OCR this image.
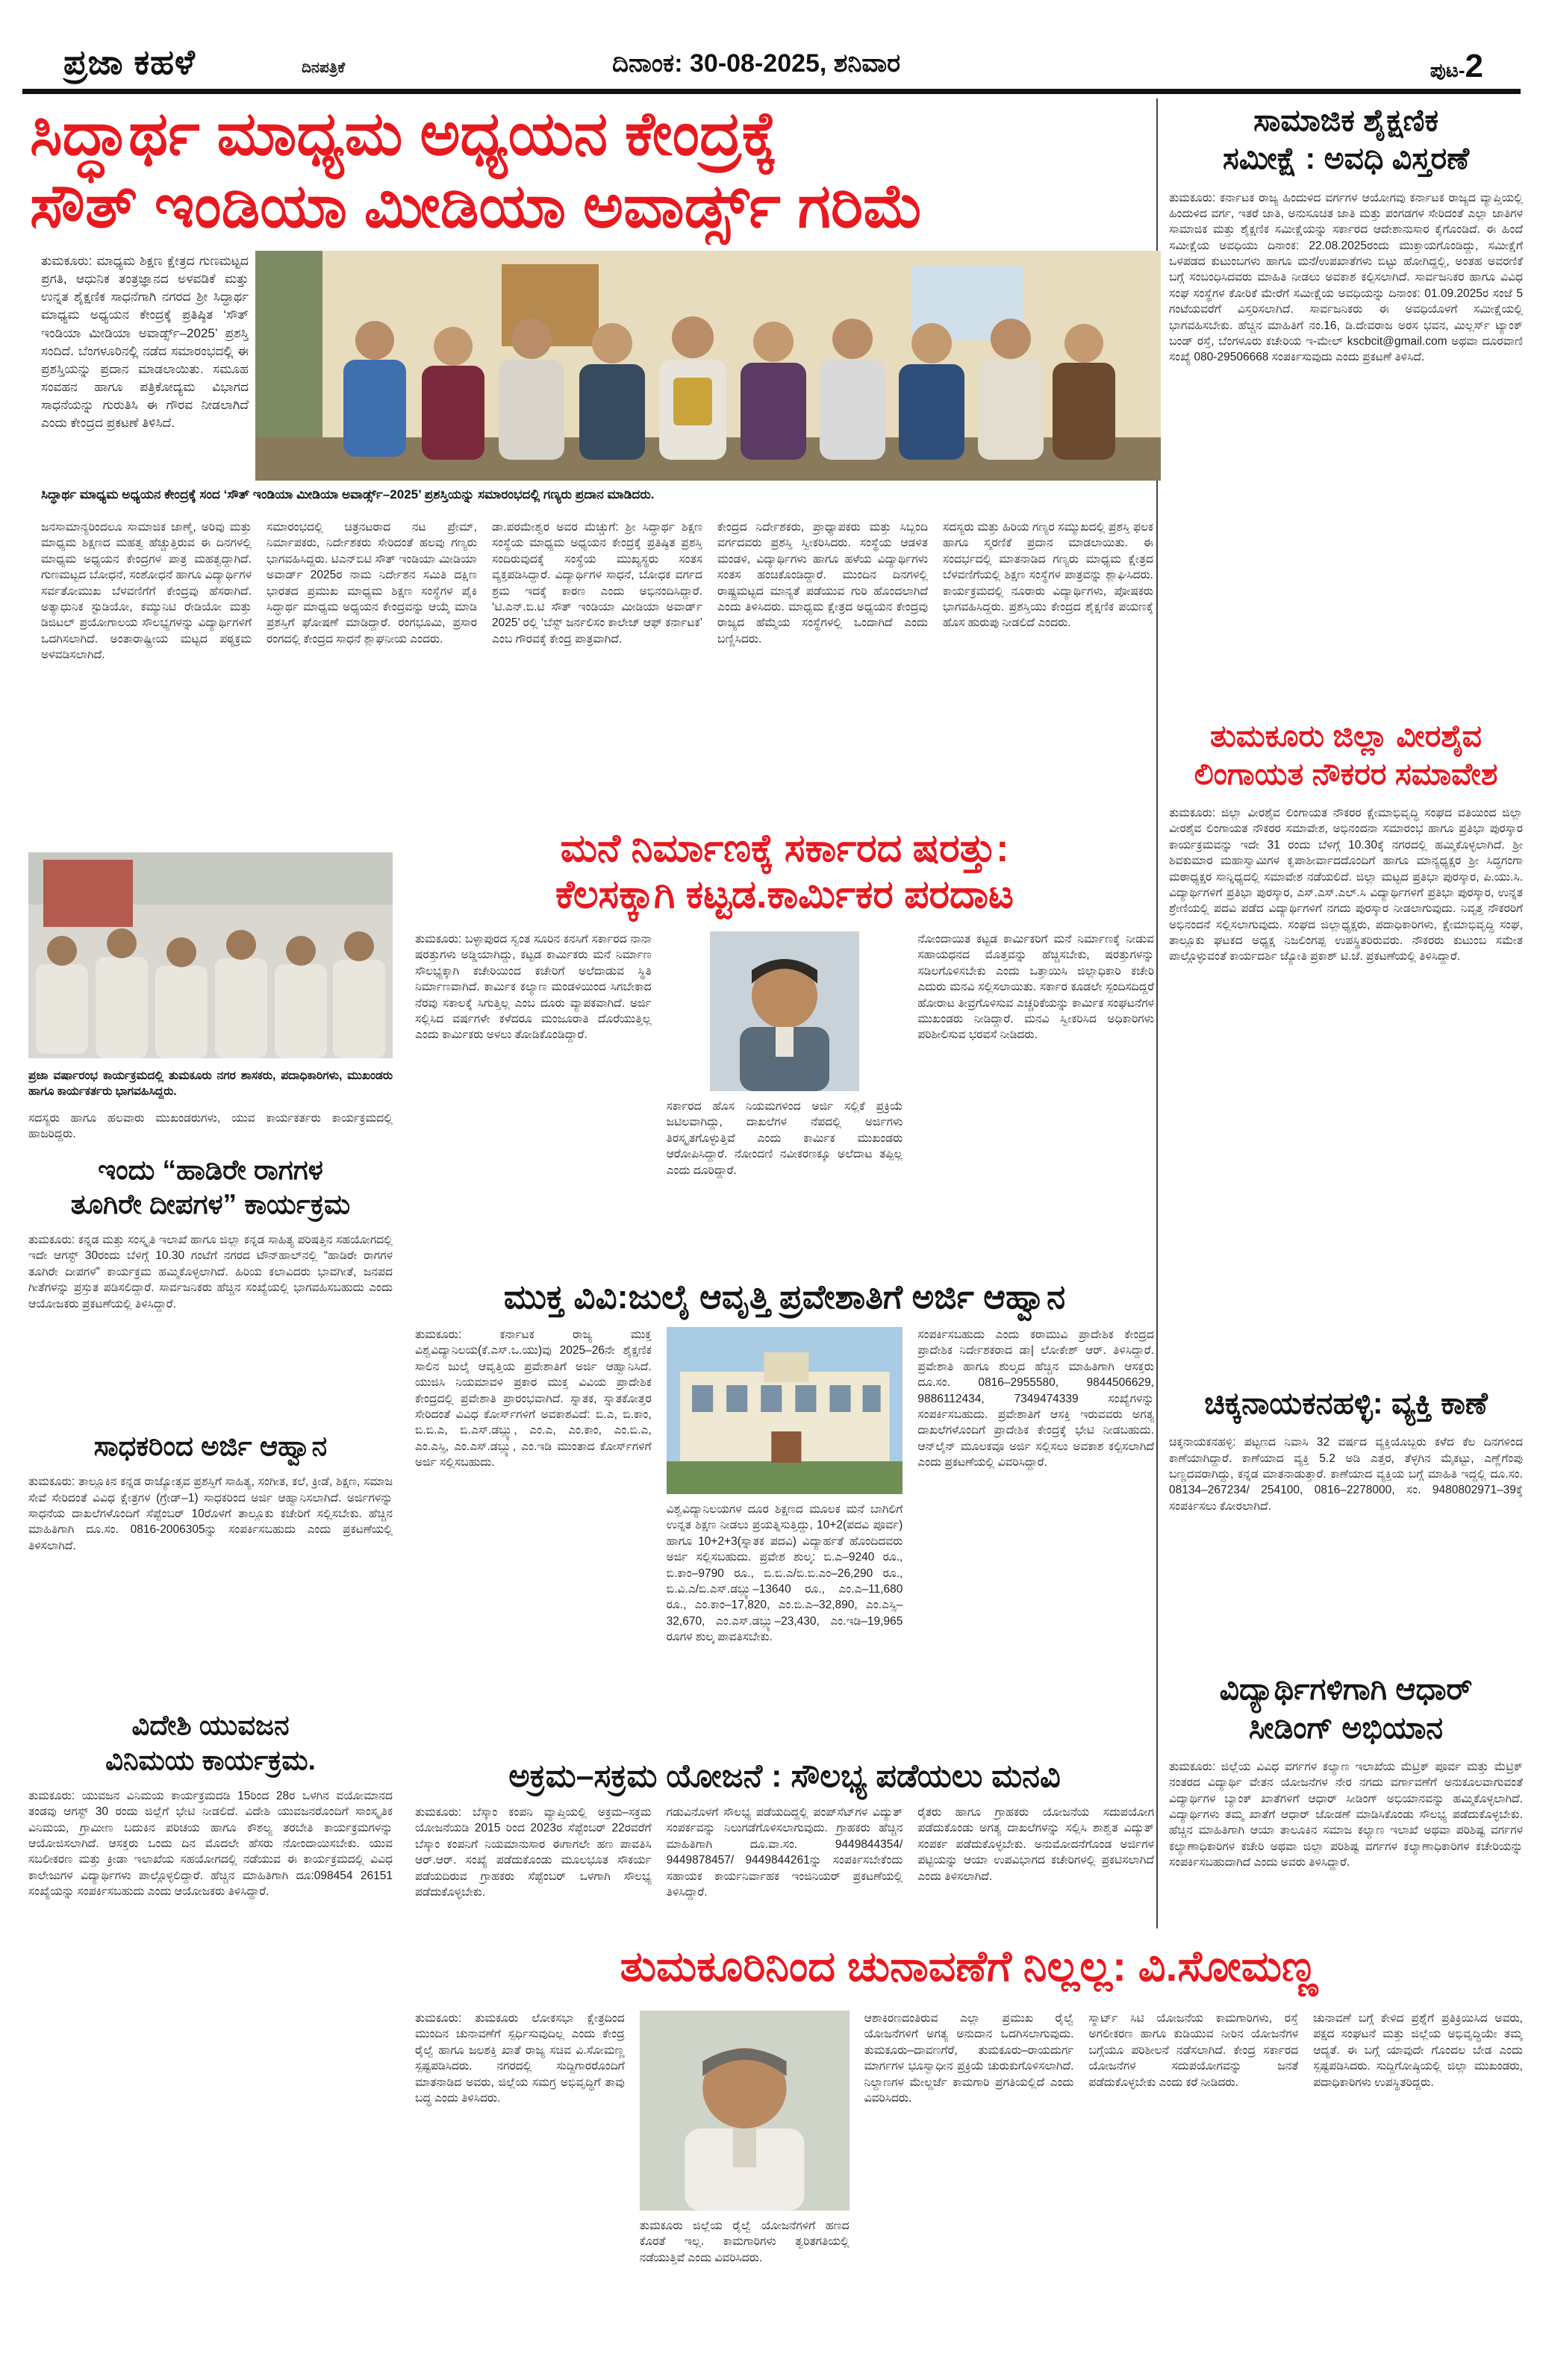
ಪ್ರಜಾ ಕಹಳೆ	ದಿನಪತ್ರಿಕೆ	ದಿನಾಂಕ: 30-08-2025, ಶನಿವಾರ	ಪುಟ-2
ಸಿದ್ಧಾರ್ಥ ಮಾಧ್ಯಮ ಅಧ್ಯಯನ ಕೇಂದ್ರಕ್ಕೆ
ಸೌತ್ ಇಂಡಿಯಾ ಮೀಡಿಯಾ ಅವಾರ್ಡ್ಸ್ ಗರಿಮೆ
ತುಮಕೂರು: ಮಾಧ್ಯಮ ಶಿಕ್ಷಣ ಕ್ಷೇತ್ರದ ಗುಣಮಟ್ಟದ ಪ್ರಗತಿ, ಆಧುನಿಕ ತಂತ್ರಜ್ಞಾನದ ಅಳವಡಿಕೆ ಮತ್ತು ಉನ್ನತ ಶೈಕ್ಷಣಿಕ ಸಾಧನೆಗಾಗಿ ನಗರದ ಶ್ರೀ ಸಿದ್ಧಾರ್ಥ ಮಾಧ್ಯಮ ಅಧ್ಯಯನ ಕೇಂದ್ರಕ್ಕೆ ಪ್ರತಿಷ್ಠಿತ ‘ಸೌತ್ ಇಂಡಿಯಾ ಮೀಡಿಯಾ ಅವಾರ್ಡ್ಸ್–2025’ ಪ್ರಶಸ್ತಿ ಸಂದಿದೆ. ಬೆಂಗಳೂರಿನಲ್ಲಿ ನಡೆದ ಸಮಾರಂಭದಲ್ಲಿ ಈ ಪ್ರಶಸ್ತಿಯನ್ನು ಪ್ರದಾನ ಮಾಡಲಾಯಿತು. ಸಮೂಹ ಸಂವಹನ ಹಾಗೂ ಪತ್ರಿಕೋದ್ಯಮ ವಿಭಾಗದ ಸಾಧನೆಯನ್ನು ಗುರುತಿಸಿ ಈ ಗೌರವ ನೀಡಲಾಗಿದೆ ಎಂದು ಕೇಂದ್ರದ ಪ್ರಕಟಣೆ ತಿಳಿಸಿದೆ.
ಸಿದ್ಧಾರ್ಥ ಮಾಧ್ಯಮ ಅಧ್ಯಯನ ಕೇಂದ್ರಕ್ಕೆ ಸಂದ ‘ಸೌತ್ ಇಂಡಿಯಾ ಮೀಡಿಯಾ ಅವಾರ್ಡ್ಸ್–2025’ ಪ್ರಶಸ್ತಿಯನ್ನು ಸಮಾರಂಭದಲ್ಲಿ ಗಣ್ಯರು ಪ್ರದಾನ ಮಾಡಿದರು.
ಜನಸಾಮಾನ್ಯರಿಂದಲೂ ಸಾಮಾಜಿಕ ಜಾಣ್ಮೆ, ಅರಿವು ಮತ್ತು ಮಾಧ್ಯಮ ಶಿಕ್ಷಣದ ಮಹತ್ವ ಹೆಚ್ಚುತ್ತಿರುವ ಈ ದಿನಗಳಲ್ಲಿ ಮಾಧ್ಯಮ ಅಧ್ಯಯನ ಕೇಂದ್ರಗಳ ಪಾತ್ರ ಮಹತ್ವದ್ದಾಗಿದೆ. ಗುಣಮಟ್ಟದ ಬೋಧನೆ, ಸಂಶೋಧನೆ ಹಾಗೂ ವಿದ್ಯಾರ್ಥಿಗಳ ಸರ್ವತೋಮುಖ ಬೆಳವಣಿಗೆಗೆ ಕೇಂದ್ರವು ಹೆಸರಾಗಿದೆ. ಅತ್ಯಾಧುನಿಕ ಸ್ಟುಡಿಯೋ, ಕಮ್ಯುನಿಟಿ ರೇಡಿಯೋ ಮತ್ತು ಡಿಜಿಟಲ್ ಪ್ರಯೋಗಾಲಯ ಸೌಲಭ್ಯಗಳನ್ನು ವಿದ್ಯಾರ್ಥಿಗಳಿಗೆ ಒದಗಿಸಲಾಗಿದೆ. ಅಂತಾರಾಷ್ಟ್ರೀಯ ಮಟ್ಟದ ಪಠ್ಯಕ್ರಮ ಅಳವಡಿಸಲಾಗಿದೆ.
ಸಮಾರಂಭದಲ್ಲಿ ಚಿತ್ರನಟರಾದ ನಟ ಪ್ರೇಮ್, ನಿರ್ಮಾಪಕರು, ನಿರ್ದೇಶಕರು ಸೇರಿದಂತೆ ಹಲವು ಗಣ್ಯರು ಭಾಗವಹಿಸಿದ್ದರು. ಟಿಎನ್‌ಬಿಟಿ ಸೌತ್ ಇಂಡಿಯಾ ಮೀಡಿಯಾ ಅವಾರ್ಡ್ 2025ರ ನಾಮ ನಿರ್ದೇಶನ ಸಮಿತಿ ದಕ್ಷಿಣ ಭಾರತದ ಪ್ರಮುಖ ಮಾಧ್ಯಮ ಶಿಕ್ಷಣ ಸಂಸ್ಥೆಗಳ ಪೈಕಿ ಸಿದ್ಧಾರ್ಥ ಮಾಧ್ಯಮ ಅಧ್ಯಯನ ಕೇಂದ್ರವನ್ನು ಆಯ್ಕೆ ಮಾಡಿ ಪ್ರಶಸ್ತಿಗೆ ಘೋಷಣೆ ಮಾಡಿದ್ದಾರೆ. ರಂಗಭೂಮಿ, ಪ್ರಸಾರ ರಂಗದಲ್ಲಿ ಕೇಂದ್ರದ ಸಾಧನೆ ಶ್ಲಾಘನೀಯ ಎಂದರು.
ಡಾ.ಪರಮೇಶ್ವರ ಅವರ ಮೆಚ್ಚುಗೆ: ಶ್ರೀ ಸಿದ್ಧಾರ್ಥ ಶಿಕ್ಷಣ ಸಂಸ್ಥೆಯ ಮಾಧ್ಯಮ ಅಧ್ಯಯನ ಕೇಂದ್ರಕ್ಕೆ ಪ್ರತಿಷ್ಠಿತ ಪ್ರಶಸ್ತಿ ಸಂದಿರುವುದಕ್ಕೆ ಸಂಸ್ಥೆಯ ಮುಖ್ಯಸ್ಥರು ಸಂತಸ ವ್ಯಕ್ತಪಡಿಸಿದ್ದಾರೆ. ವಿದ್ಯಾರ್ಥಿಗಳ ಸಾಧನೆ, ಬೋಧಕ ವರ್ಗದ ಶ್ರಮ ಇದಕ್ಕೆ ಕಾರಣ ಎಂದು ಅಭಿನಂದಿಸಿದ್ದಾರೆ. ‘ಟಿ.ಎನ್.ಬಿ.ಟಿ ಸೌತ್ ಇಂಡಿಯಾ ಮೀಡಿಯಾ ಅವಾರ್ಡ್ 2025’ ರಲ್ಲಿ ‘ಬೆಸ್ಟ್ ಜರ್ನಲಿಸಂ ಕಾಲೇಜ್ ಆಫ್ ಕರ್ನಾಟಕ’ ಎಂಬ ಗೌರವಕ್ಕೆ ಕೇಂದ್ರ ಪಾತ್ರವಾಗಿದೆ.
ಕೇಂದ್ರದ ನಿರ್ದೇಶಕರು, ಪ್ರಾಧ್ಯಾಪಕರು ಮತ್ತು ಸಿಬ್ಬಂದಿ ವರ್ಗದವರು ಪ್ರಶಸ್ತಿ ಸ್ವೀಕರಿಸಿದರು. ಸಂಸ್ಥೆಯ ಆಡಳಿತ ಮಂಡಳಿ, ವಿದ್ಯಾರ್ಥಿಗಳು ಹಾಗೂ ಹಳೆಯ ವಿದ್ಯಾರ್ಥಿಗಳು ಸಂತಸ ಹಂಚಿಕೊಂಡಿದ್ದಾರೆ. ಮುಂದಿನ ದಿನಗಳಲ್ಲಿ ರಾಷ್ಟ್ರಮಟ್ಟದ ಮಾನ್ಯತೆ ಪಡೆಯುವ ಗುರಿ ಹೊಂದಲಾಗಿದೆ ಎಂದು ತಿಳಿಸಿದರು. ಮಾಧ್ಯಮ ಕ್ಷೇತ್ರದ ಅಧ್ಯಯನ ಕೇಂದ್ರವು ರಾಜ್ಯದ ಹೆಮ್ಮೆಯ ಸಂಸ್ಥೆಗಳಲ್ಲಿ ಒಂದಾಗಿದೆ ಎಂದು ಬಣ್ಣಿಸಿದರು.
ಸದಸ್ಯರು ಮತ್ತು ಹಿರಿಯ ಗಣ್ಯರ ಸಮ್ಮುಖದಲ್ಲಿ ಪ್ರಶಸ್ತಿ ಫಲಕ ಹಾಗೂ ಸ್ಮರಣಿಕೆ ಪ್ರದಾನ ಮಾಡಲಾಯಿತು. ಈ ಸಂದರ್ಭದಲ್ಲಿ ಮಾತನಾಡಿದ ಗಣ್ಯರು ಮಾಧ್ಯಮ ಕ್ಷೇತ್ರದ ಬೆಳವಣಿಗೆಯಲ್ಲಿ ಶಿಕ್ಷಣ ಸಂಸ್ಥೆಗಳ ಪಾತ್ರವನ್ನು ಶ್ಲಾಘಿಸಿದರು. ಕಾರ್ಯಕ್ರಮದಲ್ಲಿ ನೂರಾರು ವಿದ್ಯಾರ್ಥಿಗಳು, ಪೋಷಕರು ಭಾಗವಹಿಸಿದ್ದರು. ಪ್ರಶಸ್ತಿಯು ಕೇಂದ್ರದ ಶೈಕ್ಷಣಿಕ ಪಯಣಕ್ಕೆ ಹೊಸ ಹುರುಪು ನೀಡಲಿದೆ ಎಂದರು.
ಪ್ರಜಾ ವರ್ಷಾರಂಭ ಕಾರ್ಯಕ್ರಮದಲ್ಲಿ ತುಮಕೂರು ನಗರ ಶಾಸಕರು, ಪದಾಧಿಕಾರಿಗಳು, ಮುಖಂಡರು ಹಾಗೂ ಕಾರ್ಯಕರ್ತರು ಭಾಗವಹಿಸಿದ್ದರು.
ಸದಸ್ಯರು ಹಾಗೂ ಹಲವಾರು ಮುಖಂಡರುಗಳು, ಯುವ ಕಾರ್ಯಕರ್ತರು ಕಾರ್ಯಕ್ರಮದಲ್ಲಿ ಹಾಜರಿದ್ದರು.
ಇಂದು “ಹಾಡಿರೇ ರಾಗಗಳ
ತೂಗಿರೇ ದೀಪಗಳ” ಕಾರ್ಯಕ್ರಮ
ತುಮಕೂರು: ಕನ್ನಡ ಮತ್ತು ಸಂಸ್ಕೃತಿ ಇಲಾಖೆ ಹಾಗೂ ಜಿಲ್ಲಾ ಕನ್ನಡ ಸಾಹಿತ್ಯ ಪರಿಷತ್ತಿನ ಸಹಯೋಗದಲ್ಲಿ ಇದೇ ಆಗಸ್ಟ್ 30ರಂದು ಬೆಳಿಗ್ಗೆ 10.30 ಗಂಟೆಗೆ ನಗರದ ಟೌನ್‌ಹಾಲ್‌ನಲ್ಲಿ “ಹಾಡಿರೇ ರಾಗಗಳ ತೂಗಿರೇ ದೀಪಗಳ” ಕಾರ್ಯಕ್ರಮ ಹಮ್ಮಿಕೊಳ್ಳಲಾಗಿದೆ. ಹಿರಿಯ ಕಲಾವಿದರು ಭಾವಗೀತೆ, ಜನಪದ ಗೀತೆಗಳನ್ನು ಪ್ರಸ್ತುತ ಪಡಿಸಲಿದ್ದಾರೆ. ಸಾರ್ವಜನಿಕರು ಹೆಚ್ಚಿನ ಸಂಖ್ಯೆಯಲ್ಲಿ ಭಾಗವಹಿಸಬಹುದು ಎಂದು ಆಯೋಜಕರು ಪ್ರಕಟಣೆಯಲ್ಲಿ ತಿಳಿಸಿದ್ದಾರೆ.
ಸಾಧಕರಿಂದ ಅರ್ಜಿ ಆಹ್ವಾನ
ತುಮಕೂರು: ತಾಲ್ಲೂಕಿನ ಕನ್ನಡ ರಾಜ್ಯೋತ್ಸವ ಪ್ರಶಸ್ತಿಗೆ ಸಾಹಿತ್ಯ, ಸಂಗೀತ, ಕಲೆ, ಕ್ರೀಡೆ, ಶಿಕ್ಷಣ, ಸಮಾಜ ಸೇವೆ ಸೇರಿದಂತೆ ವಿವಿಧ ಕ್ಷೇತ್ರಗಳ (ಗ್ರೇಡ್–1) ಸಾಧಕರಿಂದ ಅರ್ಜಿ ಆಹ್ವಾನಿಸಲಾಗಿದೆ. ಅರ್ಜಿಗಳನ್ನು ಸಾಧನೆಯ ದಾಖಲೆಗಳೊಂದಿಗೆ ಸೆಪ್ಟೆಂಬರ್ 10ರೊಳಗೆ ತಾಲ್ಲೂಕು ಕಚೇರಿಗೆ ಸಲ್ಲಿಸಬೇಕು. ಹೆಚ್ಚಿನ ಮಾಹಿತಿಗಾಗಿ ದೂ.ಸಂ. 0816-2006305ನ್ನು ಸಂಪರ್ಕಿಸಬಹುದು ಎಂದು ಪ್ರಕಟಣೆಯಲ್ಲಿ ತಿಳಿಸಲಾಗಿದೆ.
ವಿದೇಶಿ ಯುವಜನ
ವಿನಿಮಯ ಕಾರ್ಯಕ್ರಮ.
ತುಮಕೂರು: ಯುವಜನ ವಿನಿಮಯ ಕಾರ್ಯಕ್ರಮದಡಿ 15ರಿಂದ 28ರ ಒಳಗಿನ ವಯೋಮಾನದ ತಂಡವು ಆಗಸ್ಟ್ 30 ರಂದು ಜಿಲ್ಲೆಗೆ ಭೇಟಿ ನೀಡಲಿದೆ. ವಿದೇಶಿ ಯುವಜನರೊಂದಿಗೆ ಸಾಂಸ್ಕೃತಿಕ ವಿನಿಮಯ, ಗ್ರಾಮೀಣ ಬದುಕಿನ ಪರಿಚಯ ಹಾಗೂ ಕೌಶಲ್ಯ ತರಬೇತಿ ಕಾರ್ಯಕ್ರಮಗಳನ್ನು ಆಯೋಜಿಸಲಾಗಿದೆ. ಆಸಕ್ತರು ಒಂದು ದಿನ ಮೊದಲೇ ಹೆಸರು ನೋಂದಾಯಿಸಬೇಕು. ಯುವ ಸಬಲೀಕರಣ ಮತ್ತು ಕ್ರೀಡಾ ಇಲಾಖೆಯ ಸಹಯೋಗದಲ್ಲಿ ನಡೆಯುವ ಈ ಕಾರ್ಯಕ್ರಮದಲ್ಲಿ ವಿವಿಧ ಕಾಲೇಜುಗಳ ವಿದ್ಯಾರ್ಥಿಗಳು ಪಾಲ್ಗೊಳ್ಳಲಿದ್ದಾರೆ. ಹೆಚ್ಚಿನ ಮಾಹಿತಿಗಾಗಿ ದೂ:098454 26151 ಸಂಖ್ಯೆಯನ್ನು ಸಂಪರ್ಕಿಸಬಹುದು ಎಂದು ಆಯೋಜಕರು ತಿಳಿಸಿದ್ದಾರೆ.
ಮನೆ ನಿರ್ಮಾಣಕ್ಕೆ ಸರ್ಕಾರದ ಷರತ್ತು:
ಕೆಲಸಕ್ಕಾಗಿ ಕಟ್ಟಡ.ಕಾರ್ಮಿಕರ ಪರದಾಟ
ತುಮಕೂರು: ಬಳ್ಳಾಪುರದ ಸ್ವಂತ ಸೂರಿನ ಕನಸಿಗೆ ಸರ್ಕಾರದ ನಾನಾ ಷರತ್ತುಗಳು ಅಡ್ಡಿಯಾಗಿದ್ದು, ಕಟ್ಟಡ ಕಾರ್ಮಿಕರು ಮನೆ ನಿರ್ಮಾಣ ಸೌಲಭ್ಯಕ್ಕಾಗಿ ಕಚೇರಿಯಿಂದ ಕಚೇರಿಗೆ ಅಲೆದಾಡುವ ಸ್ಥಿತಿ ನಿರ್ಮಾಣವಾಗಿದೆ. ಕಾರ್ಮಿಕ ಕಲ್ಯಾಣ ಮಂಡಳಿಯಿಂದ ಸಿಗಬೇಕಾದ ನೆರವು ಸಕಾಲಕ್ಕೆ ಸಿಗುತ್ತಿಲ್ಲ ಎಂಬ ದೂರು ವ್ಯಾಪಕವಾಗಿದೆ. ಅರ್ಜಿ ಸಲ್ಲಿಸಿದ ವರ್ಷಗಳೇ ಕಳೆದರೂ ಮಂಜೂರಾತಿ ದೊರೆಯುತ್ತಿಲ್ಲ ಎಂದು ಕಾರ್ಮಿಕರು ಅಳಲು ತೋಡಿಕೊಂಡಿದ್ದಾರೆ.
ಸರ್ಕಾರದ ಹೊಸ ನಿಯಮಗಳಿಂದ ಅರ್ಜಿ ಸಲ್ಲಿಕೆ ಪ್ರಕ್ರಿಯೆ ಜಟಿಲವಾಗಿದ್ದು, ದಾಖಲೆಗಳ ನೆಪದಲ್ಲಿ ಅರ್ಜಿಗಳು ತಿರಸ್ಕೃತಗೊಳ್ಳುತ್ತಿವೆ ಎಂದು ಕಾರ್ಮಿಕ ಮುಖಂಡರು ಆರೋಪಿಸಿದ್ದಾರೆ. ನೋಂದಣಿ ನವೀಕರಣಕ್ಕೂ ಅಲೆದಾಟ ತಪ್ಪಿಲ್ಲ ಎಂದು ದೂರಿದ್ದಾರೆ.
ನೋಂದಾಯಿತ ಕಟ್ಟಡ ಕಾರ್ಮಿಕರಿಗೆ ಮನೆ ನಿರ್ಮಾಣಕ್ಕೆ ನೀಡುವ ಸಹಾಯಧನದ ಮೊತ್ತವನ್ನು ಹೆಚ್ಚಿಸಬೇಕು, ಷರತ್ತುಗಳನ್ನು ಸಡಿಲಗೊಳಿಸಬೇಕು ಎಂದು ಒತ್ತಾಯಿಸಿ ಜಿಲ್ಲಾಧಿಕಾರಿ ಕಚೇರಿ ಎದುರು ಮನವಿ ಸಲ್ಲಿಸಲಾಯಿತು. ಸರ್ಕಾರ ಕೂಡಲೇ ಸ್ಪಂದಿಸದಿದ್ದರೆ ಹೋರಾಟ ತೀವ್ರಗೊಳಿಸುವ ಎಚ್ಚರಿಕೆಯನ್ನು ಕಾರ್ಮಿಕ ಸಂಘಟನೆಗಳ ಮುಖಂಡರು ನೀಡಿದ್ದಾರೆ. ಮನವಿ ಸ್ವೀಕರಿಸಿದ ಅಧಿಕಾರಿಗಳು ಪರಿಶೀಲಿಸುವ ಭರವಸೆ ನೀಡಿದರು.
ಮುಕ್ತ ವಿವಿ:ಜುಲೈ ಆವೃತ್ತಿ ಪ್ರವೇಶಾತಿಗೆ ಅರ್ಜಿ ಆಹ್ವಾನ
ತುಮಕೂರು: ಕರ್ನಾಟಕ ರಾಜ್ಯ ಮುಕ್ತ ವಿಶ್ವವಿದ್ಯಾನಿಲಯ(ಕೆ.ಎಸ್.ಒ.ಯು)ವು 2025–26ನೇ ಶೈಕ್ಷಣಿಕ ಸಾಲಿನ ಜುಲೈ ಆವೃತ್ತಿಯ ಪ್ರವೇಶಾತಿಗೆ ಅರ್ಜಿ ಆಹ್ವಾನಿಸಿದೆ. ಯುಜಿಸಿ ನಿಯಮಾವಳಿ ಪ್ರಕಾರ ಮುಕ್ತ ವಿವಿಯ ಪ್ರಾದೇಶಿಕ ಕೇಂದ್ರದಲ್ಲಿ ಪ್ರವೇಶಾತಿ ಪ್ರಾರಂಭವಾಗಿದೆ. ಸ್ನಾತಕ, ಸ್ನಾತಕೋತ್ತರ ಸೇರಿದಂತೆ ವಿವಿಧ ಕೋರ್ಸ್‌ಗಳಿಗೆ ಅವಕಾಶವಿದೆ: ಬಿ.ಎ, ಬಿ.ಕಾಂ, ಬಿ.ಬಿ.ಎ, ಬಿ.ಎಸ್.ಡಬ್ಲ್ಯು, ಎಂ.ಎ, ಎಂ.ಕಾಂ, ಎಂ.ಬಿ.ಎ, ಎಂ.ಎಸ್ಸಿ, ಎಂ.ಎಸ್.ಡಬ್ಲ್ಯು, ಎಂ.ಇಡಿ ಮುಂತಾದ ಕೋರ್ಸ್‌ಗಳಿಗೆ ಅರ್ಜಿ ಸಲ್ಲಿಸಬಹುದು.
ವಿಶ್ವವಿದ್ಯಾನಿಲಯಗಳ ದೂರ ಶಿಕ್ಷಣದ ಮೂಲಕ ಮನೆ ಬಾಗಿಲಿಗೆ ಉನ್ನತ ಶಿಕ್ಷಣ ನೀಡಲು ಪ್ರಯತ್ನಿಸುತ್ತಿದ್ದು, 10+2(ಪದವಿ ಪೂರ್ವ) ಹಾಗೂ 10+2+3(ಸ್ನಾತಕ ಪದವಿ) ವಿದ್ಯಾರ್ಹತೆ ಹೊಂದಿದವರು ಅರ್ಜಿ ಸಲ್ಲಿಸಬಹುದು. ಪ್ರವೇಶ ಶುಲ್ಕ: ಬಿ.ಎ–9240 ರೂ., ಬಿ.ಕಾಂ–9790 ರೂ., ಬಿ.ಬಿ.ಎ/ಬಿ.ಬಿ.ಎಂ–26,290 ರೂ., ಬಿ.ವಿ.ಎ/ಬಿ.ಎಸ್.ಡಬ್ಲ್ಯು–13640 ರೂ., ಎಂ.ಎ–11,680 ರೂ., ಎಂ.ಕಾಂ–17,820, ಎಂ.ಬಿ.ಎ–32,890, ಎಂ.ಎಸ್ಸಿ–32,670, ಎಂ.ಎಸ್.ಡಬ್ಲ್ಯು–23,430, ಎಂ.ಇಡಿ–19,965 ರೂಗಳ ಶುಲ್ಕ ಪಾವತಿಸಬೇಕು.
ಸಂಪರ್ಕಿಸಬಹುದು ಎಂದು ಕರಾಮುವಿ ಪ್ರಾದೇಶಿಕ ಕೇಂದ್ರದ ಪ್ರಾದೇಶಿಕ ನಿರ್ದೇಶಕರಾದ ಡಾ| ಲೋಕೇಶ್ ಆರ್. ತಿಳಿಸಿದ್ದಾರೆ. ಪ್ರವೇಶಾತಿ ಹಾಗೂ ಶುಲ್ಕದ ಹೆಚ್ಚಿನ ಮಾಹಿತಿಗಾಗಿ ಆಸಕ್ತರು ದೂ.ಸಂ. 0816–2955580, 9844506629, 9886112434, 7349474339 ಸಂಖ್ಯೆಗಳನ್ನು ಸಂಪರ್ಕಿಸಬಹುದು. ಪ್ರವೇಶಾತಿಗೆ ಆಸಕ್ತಿ ಇರುವವರು ಅಗತ್ಯ ದಾಖಲೆಗಳೊಂದಿಗೆ ಪ್ರಾದೇಶಿಕ ಕೇಂದ್ರಕ್ಕೆ ಭೇಟಿ ನೀಡಬಹುದು. ಆನ್‌ಲೈನ್ ಮೂಲಕವೂ ಅರ್ಜಿ ಸಲ್ಲಿಸಲು ಅವಕಾಶ ಕಲ್ಪಿಸಲಾಗಿದೆ ಎಂದು ಪ್ರಕಟಣೆಯಲ್ಲಿ ವಿವರಿಸಿದ್ದಾರೆ.
ಅಕ್ರಮ–ಸಕ್ರಮ ಯೋಜನೆ : ಸೌಲಭ್ಯ ಪಡೆಯಲು ಮನವಿ
ತುಮಕೂರು: ಬೆಸ್ಕಾಂ ಕಂಪನಿ ವ್ಯಾಪ್ತಿಯಲ್ಲಿ ಅಕ್ರಮ–ಸಕ್ರಮ ಯೋಜನೆಯಡಿ 2015 ರಿಂದ 2023ರ ಸೆಪ್ಟೆಂಬರ್ 22ರವರೆಗೆ ಬೆಸ್ಕಾಂ ಕಂಪನಿಗೆ ನಿಯಮಾನುಸಾರ ಈಗಾಗಲೇ ಹಣ ಪಾವತಿಸಿ ಆರ್.ಆರ್. ಸಂಖ್ಯೆ ಪಡೆದುಕೊಂಡು ಮೂಲಭೂತ ಸೌಕರ್ಯ ಪಡೆಯದಿರುವ ಗ್ರಾಹಕರು ಸೆಪ್ಟೆಂಬರ್ ಒಳಗಾಗಿ ಸೌಲಭ್ಯ ಪಡೆದುಕೊಳ್ಳಬೇಕು.
ಗಡುವಿನೊಳಗೆ ಸೌಲಭ್ಯ ಪಡೆಯದಿದ್ದಲ್ಲಿ ಪಂಪ್‌ಸೆಟ್‌ಗಳ ವಿದ್ಯುತ್ ಸಂಪರ್ಕವನ್ನು ನಿಲುಗಡೆಗೊಳಿಸಲಾಗುವುದು. ಗ್ರಾಹಕರು ಹೆಚ್ಚಿನ ಮಾಹಿತಿಗಾಗಿ ದೂ.ವಾ.ಸಂ. 9449844354/ 9449878457/ 9449844261ನ್ನು ಸಂಪರ್ಕಿಸಬೇಕೆಂದು ಸಹಾಯಕ ಕಾರ್ಯನಿರ್ವಾಹಕ ಇಂಜಿನಿಯರ್ ಪ್ರಕಟಣೆಯಲ್ಲಿ ತಿಳಿಸಿದ್ದಾರೆ.
ರೈತರು ಹಾಗೂ ಗ್ರಾಹಕರು ಯೋಜನೆಯ ಸದುಪಯೋಗ ಪಡೆದುಕೊಂಡು ಅಗತ್ಯ ದಾಖಲೆಗಳನ್ನು ಸಲ್ಲಿಸಿ ಶಾಶ್ವತ ವಿದ್ಯುತ್ ಸಂಪರ್ಕ ಪಡೆದುಕೊಳ್ಳಬೇಕು. ಅನುಮೋದನೆಗೊಂಡ ಅರ್ಜಿಗಳ ಪಟ್ಟಿಯನ್ನು ಆಯಾ ಉಪವಿಭಾಗದ ಕಚೇರಿಗಳಲ್ಲಿ ಪ್ರಕಟಿಸಲಾಗಿದೆ ಎಂದು ತಿಳಿಸಲಾಗಿದೆ.
ತುಮಕೂರಿನಿಂದ ಚುನಾವಣೆಗೆ ನಿಲ್ಲಲ್ಲ: ವಿ.ಸೋಮಣ್ಣ
ತುಮಕೂರು: ತುಮಕೂರು ಲೋಕಸಭಾ ಕ್ಷೇತ್ರದಿಂದ ಮುಂದಿನ ಚುನಾವಣೆಗೆ ಸ್ಪರ್ಧಿಸುವುದಿಲ್ಲ ಎಂದು ಕೇಂದ್ರ ರೈಲ್ವೆ ಹಾಗೂ ಜಲಶಕ್ತಿ ಖಾತೆ ರಾಜ್ಯ ಸಚಿವ ವಿ.ಸೋಮಣ್ಣ ಸ್ಪಷ್ಟಪಡಿಸಿದರು. ನಗರದಲ್ಲಿ ಸುದ್ದಿಗಾರರೊಂದಿಗೆ ಮಾತನಾಡಿದ ಅವರು, ಜಿಲ್ಲೆಯ ಸಮಗ್ರ ಅಭಿವೃದ್ಧಿಗೆ ತಾವು ಬದ್ಧ ಎಂದು ತಿಳಿಸಿದರು.
ತುಮಕೂರು ಜಿಲ್ಲೆಯ ರೈಲ್ವೆ ಯೋಜನೆಗಳಿಗೆ ಹಣದ ಕೊರತೆ ಇಲ್ಲ. ಕಾಮಗಾರಿಗಳು ತ್ವರಿತಗತಿಯಲ್ಲಿ ನಡೆಯುತ್ತಿವೆ ಎಂದು ವಿವರಿಸಿದರು.
ಆಶಾಕಿರಣದಂತಿರುವ ಎಲ್ಲಾ ಪ್ರಮುಖ ರೈಲ್ವೆ ಯೋಜನೆಗಳಿಗೆ ಅಗತ್ಯ ಅನುದಾನ ಒದಗಿಸಲಾಗುವುದು. ತುಮಕೂರು–ದಾವಣಗೆರೆ, ತುಮಕೂರು–ರಾಯದುರ್ಗ ಮಾರ್ಗಗಳ ಭೂಸ್ವಾಧೀನ ಪ್ರಕ್ರಿಯೆ ಚುರುಕುಗೊಳಿಸಲಾಗಿದೆ. ನಿಲ್ದಾಣಗಳ ಮೇಲ್ದರ್ಜೆ ಕಾಮಗಾರಿ ಪ್ರಗತಿಯಲ್ಲಿದೆ ಎಂದು ವಿವರಿಸಿದರು.
ಸ್ಮಾರ್ಟ್ ಸಿಟಿ ಯೋಜನೆಯ ಕಾಮಗಾರಿಗಳು, ರಸ್ತೆ ಅಗಲೀಕರಣ ಹಾಗೂ ಕುಡಿಯುವ ನೀರಿನ ಯೋಜನೆಗಳ ಬಗ್ಗೆಯೂ ಪರಿಶೀಲನೆ ನಡೆಸಲಾಗಿದೆ. ಕೇಂದ್ರ ಸರ್ಕಾರದ ಯೋಜನೆಗಳ ಸದುಪಯೋಗವನ್ನು ಜನತೆ ಪಡೆದುಕೊಳ್ಳಬೇಕು ಎಂದು ಕರೆ ನೀಡಿದರು.
ಚುನಾವಣೆ ಬಗ್ಗೆ ಕೇಳಿದ ಪ್ರಶ್ನೆಗೆ ಪ್ರತಿಕ್ರಿಯಿಸಿದ ಅವರು, ಪಕ್ಷದ ಸಂಘಟನೆ ಮತ್ತು ಜಿಲ್ಲೆಯ ಅಭಿವೃದ್ಧಿಯೇ ತಮ್ಮ ಆದ್ಯತೆ. ಈ ಬಗ್ಗೆ ಯಾವುದೇ ಗೊಂದಲ ಬೇಡ ಎಂದು ಸ್ಪಷ್ಟಪಡಿಸಿದರು. ಸುದ್ದಿಗೋಷ್ಠಿಯಲ್ಲಿ ಜಿಲ್ಲಾ ಮುಖಂಡರು, ಪದಾಧಿಕಾರಿಗಳು ಉಪಸ್ಥಿತರಿದ್ದರು.
ಸಾಮಾಜಿಕ ಶೈಕ್ಷಣಿಕ
ಸಮೀಕ್ಷೆ : ಅವಧಿ ವಿಸ್ತರಣೆ
ತುಮಕೂರು: ಕರ್ನಾಟಕ ರಾಜ್ಯ ಹಿಂದುಳಿದ ವರ್ಗಗಳ ಆಯೋಗವು ಕರ್ನಾಟಕ ರಾಜ್ಯದ ವ್ಯಾಪ್ತಿಯಲ್ಲಿ ಹಿಂದುಳಿದ ವರ್ಗ, ಇತರೆ ಜಾತಿ, ಅನುಸೂಚಿತ ಜಾತಿ ಮತ್ತು ಪಂಗಡಗಳ ಸೇರಿದಂತೆ ಎಲ್ಲಾ ಜಾತಿಗಳ ಸಾಮಾಜಿಕ ಮತ್ತು ಶೈಕ್ಷಣಿಕ ಸಮೀಕ್ಷೆಯನ್ನು ಸರ್ಕಾರದ ಆದೇಶಾನುಸಾರ ಕೈಗೊಂಡಿದೆ. ಈ ಹಿಂದೆ ಸಮೀಕ್ಷೆಯ ಅವಧಿಯು ದಿನಾಂಕ: 22.08.2025ರಂದು ಮುಕ್ತಾಯಗೊಂಡಿದ್ದು, ಸಮೀಕ್ಷೆಗೆ ಒಳಪಡದ ಕುಟುಂಬಗಳು ಹಾಗೂ ಮನೆ/ಉಪಖಾತೆಗಳು ಬಿಟ್ಟು ಹೋಗಿದ್ದಲ್ಲಿ, ಅಂತಹ ಅವರಣಿಕೆ ಬಗ್ಗೆ ಸಂಬಂಧಿಸಿದವರು ಮಾಹಿತಿ ನೀಡಲು ಅವಕಾಶ ಕಲ್ಪಿಸಲಾಗಿದೆ. ಸಾರ್ವಜನಿಕರ ಹಾಗೂ ವಿವಿಧ ಸಂಘ ಸಂಸ್ಥೆಗಳ ಕೋರಿಕೆ ಮೇರೆಗೆ ಸಮೀಕ್ಷೆಯ ಅವಧಿಯನ್ನು ದಿನಾಂಕ: 01.09.2025ರ ಸಂಜೆ 5 ಗಂಟೆಯವರೆಗೆ ವಿಸ್ತರಿಸಲಾಗಿದೆ. ಸಾರ್ವಜನಿಕರು ಈ ಅವಧಿಯೊಳಗೆ ಸಮೀಕ್ಷೆಯಲ್ಲಿ ಭಾಗವಹಿಸಬೇಕು. ಹೆಚ್ಚಿನ ಮಾಹಿತಿಗೆ ನಂ.16, ಡಿ.ದೇವರಾಜ ಅರಸ ಭವನ, ಮಿಲ್ಲರ್ಸ್ ಟ್ಯಾಂಕ್ ಬಂಡ್ ರಸ್ತೆ, ಬೆಂಗಳೂರು ಕಚೇರಿಯ ಇ-ಮೇಲ್ kscbcit@gmail.com ಅಥವಾ ದೂರವಾಣಿ ಸಂಖ್ಯೆ 080-29506668 ಸಂಪರ್ಕಿಸುವುದು ಎಂದು ಪ್ರಕಟಣೆ ತಿಳಿಸಿದೆ.
ತುಮಕೂರು ಜಿಲ್ಲಾ ವೀರಶೈವ
ಲಿಂಗಾಯತ ನೌಕರರ ಸಮಾವೇಶ
ತುಮಕೂರು: ಜಿಲ್ಲಾ ವೀರಶೈವ ಲಿಂಗಾಯತ ನೌಕರರ ಕ್ಷೇಮಾಭಿವೃದ್ಧಿ ಸಂಘದ ವತಿಯಿಂದ ಜಿಲ್ಲಾ ವೀರಶೈವ ಲಿಂಗಾಯತ ನೌಕರರ ಸಮಾವೇಶ, ಅಭಿನಂದನಾ ಸಮಾರಂಭ ಹಾಗೂ ಪ್ರತಿಭಾ ಪುರಸ್ಕಾರ ಕಾರ್ಯಕ್ರಮವನ್ನು ಇದೇ 31 ರಂದು ಬೆಳಿಗ್ಗೆ 10.30ಕ್ಕೆ ನಗರದಲ್ಲಿ ಹಮ್ಮಿಕೊಳ್ಳಲಾಗಿದೆ. ಶ್ರೀ ಶಿವಕುಮಾರ ಮಹಾಸ್ವಾಮಿಗಳ ಕೃಪಾಶೀರ್ವಾದದೊಂದಿಗೆ ಹಾಗೂ ಮಾನ್ಯಧ್ಯಕ್ಷರ ಶ್ರೀ ಸಿದ್ಧಗಂಗಾ ಮಠಾಧ್ಯಕ್ಷರ ಸಾನ್ನಿಧ್ಯದಲ್ಲಿ ಸಮಾವೇಶ ನಡೆಯಲಿದೆ. ಜಿಲ್ಲಾ ಮಟ್ಟದ ಪ್ರತಿಭಾ ಪುರಸ್ಕಾರ, ಪಿ.ಯು.ಸಿ. ವಿದ್ಯಾರ್ಥಿಗಳಿಗೆ ಪ್ರತಿಭಾ ಪುರಸ್ಕಾರ, ಎಸ್.ಎಸ್.ಎಲ್.ಸಿ ವಿದ್ಯಾರ್ಥಿಗಳಿಗೆ ಪ್ರತಿಭಾ ಪುರಸ್ಕಾರ, ಉನ್ನತ ಶ್ರೇಣಿಯಲ್ಲಿ ಪದವಿ ಪಡೆದ ವಿದ್ಯಾರ್ಥಿಗಳಿಗೆ ನಗದು ಪುರಸ್ಕಾರ ನೀಡಲಾಗುವುದು. ನಿವೃತ್ತ ನೌಕರರಿಗೆ ಅಭಿನಂದನೆ ಸಲ್ಲಿಸಲಾಗುವುದು. ಸಂಘದ ಜಿಲ್ಲಾಧ್ಯಕ್ಷರು, ಪದಾಧಿಕಾರಿಗಳು, ಕ್ಷೇಮಾಭಿವೃದ್ಧಿ ಸಂಘ, ತಾಲ್ಲೂಕು ಘಟಕದ ಅಧ್ಯಕ್ಷ ನಿಜಲಿಂಗಪ್ಪ ಉಪಸ್ಥಿತರಿರುವರು. ನೌಕರರು ಕುಟುಂಬ ಸಮೇತ ಪಾಲ್ಗೊಳ್ಳುವಂತೆ ಕಾರ್ಯದರ್ಶಿ ಜ್ಯೋತಿ ಪ್ರಕಾಶ್ ಟಿ.ಜೆ. ಪ್ರಕಟಣೆಯಲ್ಲಿ ತಿಳಿಸಿದ್ದಾರೆ.
ಚಿಕ್ಕನಾಯಕನಹಳ್ಳಿ: ವ್ಯಕ್ತಿ ಕಾಣೆ
ಚಿಕ್ಕನಾಯಕನಹಳ್ಳಿ: ಪಟ್ಟಣದ ನಿವಾಸಿ 32 ವರ್ಷದ ವ್ಯಕ್ತಿಯೊಬ್ಬರು ಕಳೆದ ಕೆಲ ದಿನಗಳಿಂದ ಕಾಣೆಯಾಗಿದ್ದಾರೆ. ಕಾಣೆಯಾದ ವ್ಯಕ್ತಿ 5.2 ಅಡಿ ಎತ್ತರ, ತೆಳ್ಳಗಿನ ಮೈಕಟ್ಟು, ಎಣ್ಣೆಗೆಂಪು ಬಣ್ಣದವರಾಗಿದ್ದು, ಕನ್ನಡ ಮಾತನಾಡುತ್ತಾರೆ. ಕಾಣೆಯಾದ ವ್ಯಕ್ತಿಯ ಬಗ್ಗೆ ಮಾಹಿತಿ ಇದ್ದಲ್ಲಿ ದೂ.ಸಂ. 08134–267234/ 254100, 0816–2278000, ಸಂ. 9480802971–39ಕ್ಕೆ ಸಂಪರ್ಕಿಸಲು ಕೋರಲಾಗಿದೆ.
ವಿದ್ಯಾರ್ಥಿಗಳಿಗಾಗಿ ಆಧಾರ್
ಸೀಡಿಂಗ್ ಅಭಿಯಾನ
ತುಮಕೂರು: ಜಿಲ್ಲೆಯ ವಿವಿಧ ವರ್ಗಗಳ ಕಲ್ಯಾಣ ಇಲಾಖೆಯ ಮೆಟ್ರಿಕ್ ಪೂರ್ವ ಮತ್ತು ಮೆಟ್ರಿಕ್ ನಂತರದ ವಿದ್ಯಾರ್ಥಿ ವೇತನ ಯೋಜನೆಗಳ ನೇರ ನಗದು ವರ್ಗಾವಣೆಗೆ ಅನುಕೂಲವಾಗುವಂತೆ ವಿದ್ಯಾರ್ಥಿಗಳ ಬ್ಯಾಂಕ್ ಖಾತೆಗಳಿಗೆ ಆಧಾರ್ ಸೀಡಿಂಗ್ ಅಭಿಯಾನವನ್ನು ಹಮ್ಮಿಕೊಳ್ಳಲಾಗಿದೆ. ವಿದ್ಯಾರ್ಥಿಗಳು ತಮ್ಮ ಖಾತೆಗೆ ಆಧಾರ್ ಜೋಡಣೆ ಮಾಡಿಸಿಕೊಂಡು ಸೌಲಭ್ಯ ಪಡೆದುಕೊಳ್ಳಬೇಕು. ಹೆಚ್ಚಿನ ಮಾಹಿತಿಗಾಗಿ ಆಯಾ ತಾಲೂಕಿನ ಸಮಾಜ ಕಲ್ಯಾಣ ಇಲಾಖೆ ಅಥವಾ ಪರಿಶಿಷ್ಟ ವರ್ಗಗಳ ಕಲ್ಯಾಣಾಧಿಕಾರಿಗಳ ಕಚೇರಿ ಅಥವಾ ಜಿಲ್ಲಾ ಪರಿಶಿಷ್ಟ ವರ್ಗಗಳ ಕಲ್ಯಾಣಾಧಿಕಾರಿಗಳ ಕಚೇರಿಯನ್ನು ಸಂಪರ್ಕಿಸಬಹುದಾಗಿದೆ ಎಂದು ಅವರು ತಿಳಿಸಿದ್ದಾರೆ.
